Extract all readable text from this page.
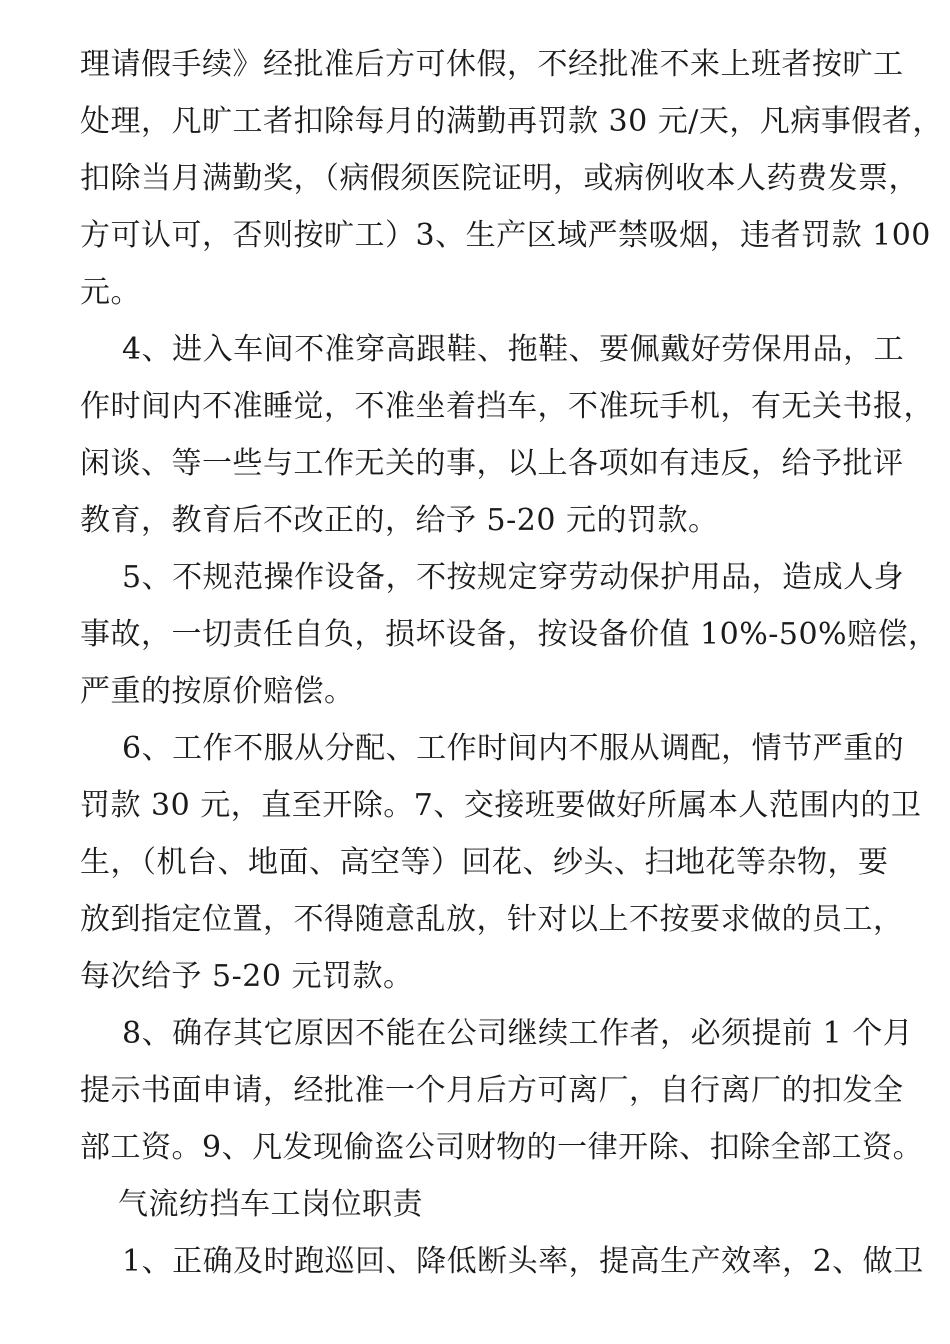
理请假手续》经批准后方可休假，不经批准不来上班者按旷工
处理，凡旷工者扣除每月的满勤再罚款 30 元/天，凡病事假者，
扣除当月满勤奖，（病假须医院证明，或病例收本人药费发票，
方可认可，否则按旷工）3、生产区域严禁吸烟，违者罚款 100
元。
4、进入车间不准穿高跟鞋、拖鞋、要佩戴好劳保用品，工
作时间内不准睡觉，不准坐着挡车，不准玩手机，有无关书报，
闲谈、等一些与工作无关的事，以上各项如有违反，给予批评
教育，教育后不改正的，给予 5-20 元的罚款。
5、不规范操作设备，不按规定穿劳动保护用品，造成人身
事故，一切责任自负，损坏设备，按设备价值 10%-50%赔偿，
严重的按原价赔偿。
6、工作不服从分配、工作时间内不服从调配，情节严重的
罚款 30 元，直至开除。7、交接班要做好所属本人范围内的卫
生，（机台、地面、高空等）回花、纱头、扫地花等杂物，要
放到指定位置，不得随意乱放，针对以上不按要求做的员工，
每次给予 5-20 元罚款。
8、确存其它原因不能在公司继续工作者，必须提前 1 个月
提示书面申请，经批准一个月后方可离厂，自行离厂的扣发全
部工资。9、凡发现偷盗公司财物的一律开除、扣除全部工资。
气流纺挡车工岗位职责
1、正确及时跑巡回、降低断头率，提高生产效率，2、做卫
